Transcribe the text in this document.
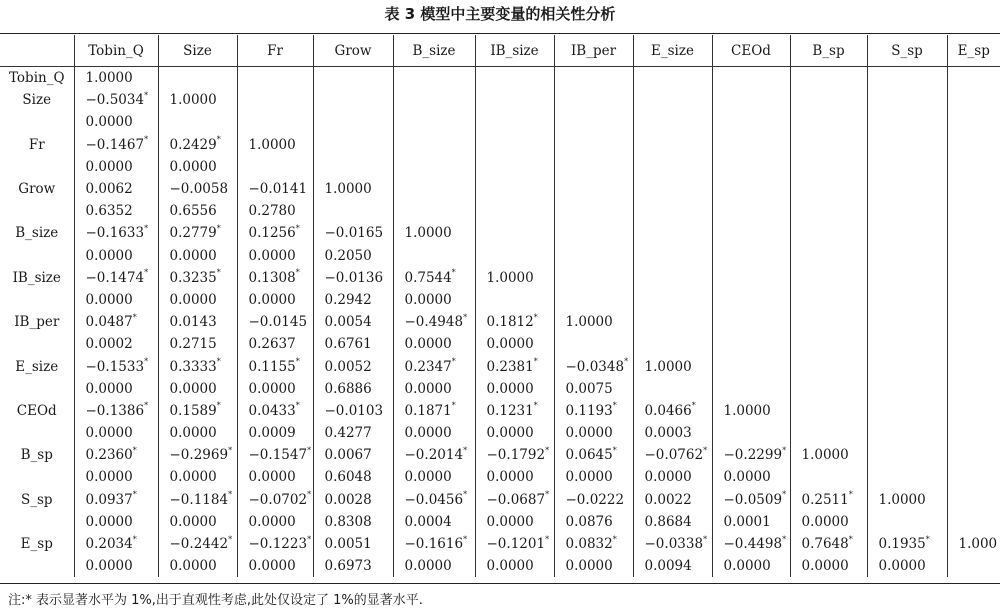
表 3 模型中主要变量的相关性分析
	Tobin_Q	Size	Fr	Grow	B_size	IB_size	IB_per	E_size	CEOd	B_sp	S_sp	E_sp
Tobin_Q	1.0000											
Size	−0.5034*	1.0000										
	0.0000											
Fr	−0.1467*	0.2429*	1.0000									
	0.0000	0.0000										
Grow	0.0062	−0.0058	−0.0141	1.0000								
	0.6352	0.6556	0.2780									
B_size	−0.1633*	0.2779*	0.1256*	−0.0165	1.0000							
	0.0000	0.0000	0.0000	0.2050								
IB_size	−0.1474*	0.3235*	0.1308*	−0.0136	0.7544*	1.0000						
	0.0000	0.0000	0.0000	0.2942	0.0000							
IB_per	0.0487*	0.0143	−0.0145	0.0054	−0.4948*	0.1812*	1.0000					
	0.0002	0.2715	0.2637	0.6761	0.0000	0.0000						
E_size	−0.1533*	0.3333*	0.1155*	0.0052	0.2347*	0.2381*	−0.0348*	1.0000				
	0.0000	0.0000	0.0000	0.6886	0.0000	0.0000	0.0075					
CEOd	−0.1386*	0.1589*	0.0433*	−0.0103	0.1871*	0.1231*	0.1193*	0.0466*	1.0000			
	0.0000	0.0000	0.0009	0.4277	0.0000	0.0000	0.0000	0.0003				
B_sp	0.2360*	−0.2969*	−0.1547*	0.0067	−0.2014*	−0.1792*	0.0645*	−0.0762*	−0.2299*	1.0000		
	0.0000	0.0000	0.0000	0.6048	0.0000	0.0000	0.0000	0.0000	0.0000			
S_sp	0.0937*	−0.1184*	−0.0702*	0.0028	−0.0456*	−0.0687*	−0.0222	0.0022	−0.0509*	0.2511*	1.0000	
	0.0000	0.0000	0.0000	0.8308	0.0004	0.0000	0.0876	0.8684	0.0001	0.0000		
E_sp	0.2034*	−0.2442*	−0.1223*	0.0051	−0.1616*	−0.1201*	0.0832*	−0.0338*	−0.4498*	0.7648*	0.1935*	1.000
	0.0000	0.0000	0.0000	0.6973	0.0000	0.0000	0.0000	0.0094	0.0000	0.0000	0.0000	
注:* 表示显著水平为 1%,出于直观性考虑,此处仅设定了 1%的显著水平.
